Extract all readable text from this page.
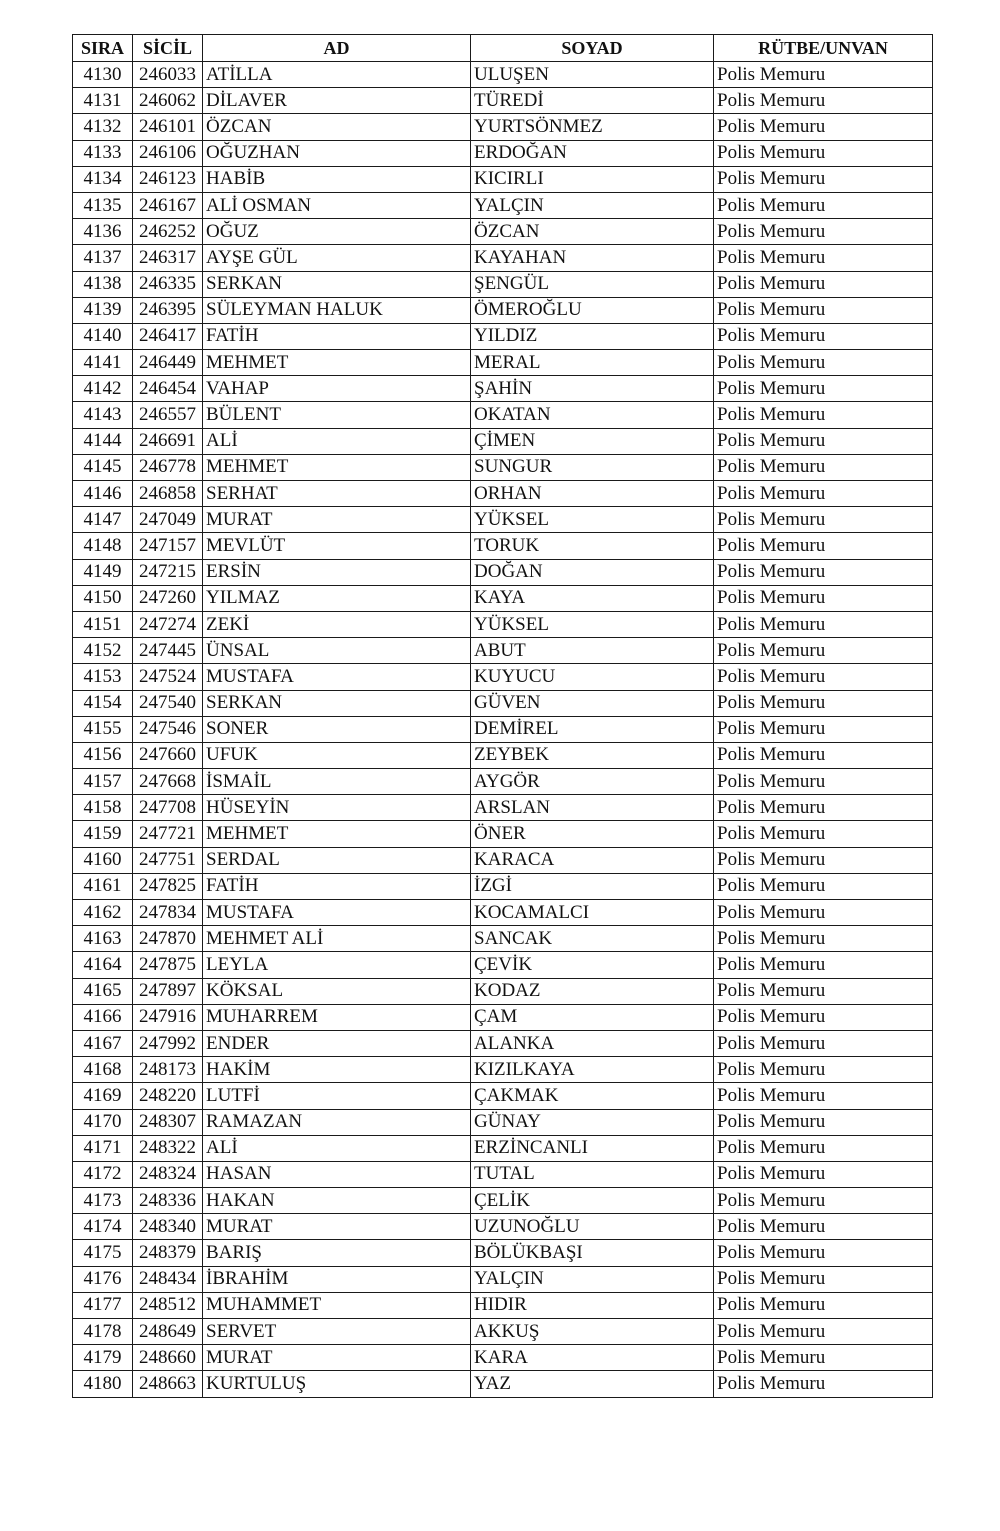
SIRA	SİCİL	AD	SOYAD	RÜTBE/UNVAN
4130	246033	ATİLLA	ULUŞEN	Polis Memuru
4131	246062	DİLAVER	TÜREDİ	Polis Memuru
4132	246101	ÖZCAN	YURTSÖNMEZ	Polis Memuru
4133	246106	OĞUZHAN	ERDOĞAN	Polis Memuru
4134	246123	HABİB	KICIRLI	Polis Memuru
4135	246167	ALİ OSMAN	YALÇIN	Polis Memuru
4136	246252	OĞUZ	ÖZCAN	Polis Memuru
4137	246317	AYŞE GÜL	KAYAHAN	Polis Memuru
4138	246335	SERKAN	ŞENGÜL	Polis Memuru
4139	246395	SÜLEYMAN HALUK	ÖMEROĞLU	Polis Memuru
4140	246417	FATİH	YILDIZ	Polis Memuru
4141	246449	MEHMET	MERAL	Polis Memuru
4142	246454	VAHAP	ŞAHİN	Polis Memuru
4143	246557	BÜLENT	OKATAN	Polis Memuru
4144	246691	ALİ	ÇİMEN	Polis Memuru
4145	246778	MEHMET	SUNGUR	Polis Memuru
4146	246858	SERHAT	ORHAN	Polis Memuru
4147	247049	MURAT	YÜKSEL	Polis Memuru
4148	247157	MEVLÜT	TORUK	Polis Memuru
4149	247215	ERSİN	DOĞAN	Polis Memuru
4150	247260	YILMAZ	KAYA	Polis Memuru
4151	247274	ZEKİ	YÜKSEL	Polis Memuru
4152	247445	ÜNSAL	ABUT	Polis Memuru
4153	247524	MUSTAFA	KUYUCU	Polis Memuru
4154	247540	SERKAN	GÜVEN	Polis Memuru
4155	247546	SONER	DEMİREL	Polis Memuru
4156	247660	UFUK	ZEYBEK	Polis Memuru
4157	247668	İSMAİL	AYGÖR	Polis Memuru
4158	247708	HÜSEYİN	ARSLAN	Polis Memuru
4159	247721	MEHMET	ÖNER	Polis Memuru
4160	247751	SERDAL	KARACA	Polis Memuru
4161	247825	FATİH	İZGİ	Polis Memuru
4162	247834	MUSTAFA	KOCAMALCI	Polis Memuru
4163	247870	MEHMET ALİ	SANCAK	Polis Memuru
4164	247875	LEYLA	ÇEVİK	Polis Memuru
4165	247897	KÖKSAL	KODAZ	Polis Memuru
4166	247916	MUHARREM	ÇAM	Polis Memuru
4167	247992	ENDER	ALANKA	Polis Memuru
4168	248173	HAKİM	KIZILKAYA	Polis Memuru
4169	248220	LUTFİ	ÇAKMAK	Polis Memuru
4170	248307	RAMAZAN	GÜNAY	Polis Memuru
4171	248322	ALİ	ERZİNCANLI	Polis Memuru
4172	248324	HASAN	TUTAL	Polis Memuru
4173	248336	HAKAN	ÇELİK	Polis Memuru
4174	248340	MURAT	UZUNOĞLU	Polis Memuru
4175	248379	BARIŞ	BÖLÜKBAŞI	Polis Memuru
4176	248434	İBRAHİM	YALÇIN	Polis Memuru
4177	248512	MUHAMMET	HIDIR	Polis Memuru
4178	248649	SERVET	AKKUŞ	Polis Memuru
4179	248660	MURAT	KARA	Polis Memuru
4180	248663	KURTULUŞ	YAZ	Polis Memuru
